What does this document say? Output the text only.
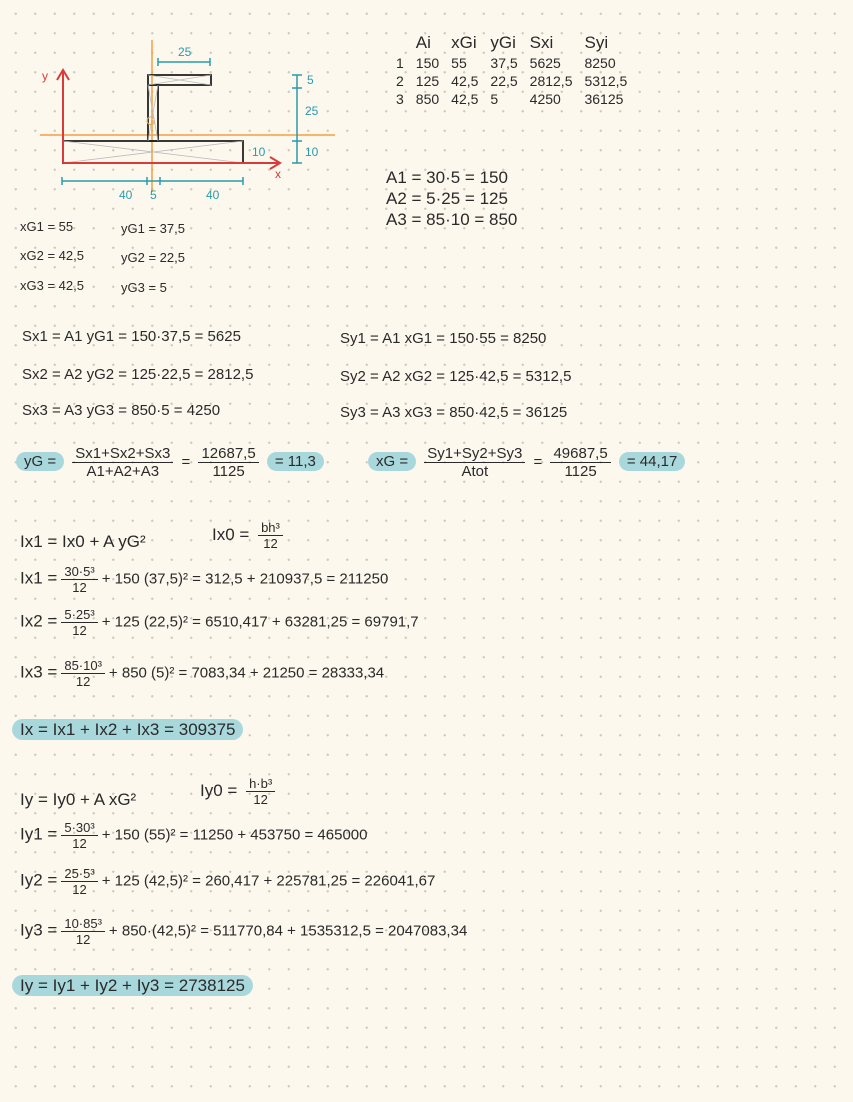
y
x
G
25
5
25
10
10
40 5	40
	Ai	xGi	yGi	Sxi	Syi
1	150	55	37,5	5625	8250
2	125	42,5	22,5	2812,5	5312,5
3	850	42,5	5	4250	36125
A1 = 30·5 = 150
A2 = 5·25 = 125
A3 = 85·10 = 850
xG1 = 55
xG2 = 42,5
xG3 = 42,5
yG1 = 37,5
yG2 = 22,5
yG3 = 5
Sx1 = A1 yG1 = 150·37,5 = 5625
Sx2 = A2 yG2 = 125·22,5 = 2812,5
Sx3 = A3 yG3 = 850·5 = 4250
Sy1 = A1 xG1 = 150·55 = 8250
Sy2 = A2 xG2 = 125·42,5 = 5312,5
Sy3 = A3 xG3 = 850·42,5 = 36125
yG = $\frac{Sx1+Sx2+Sx3}{A1+A2+A3} = \frac{12687,5}{1125} = 11,3$	xG = $\frac{Sy1+Sy2+Sy3}{\text{Atot}} = \frac{49687,5}{1125} = 44,17$
Ix1 = Ix0 + A yG²	$Ix0 = \frac{\text{bh³}}{12}$
$Ix1 = \frac{\text{30·5³}}{12} + 150$ (37,5)² = 312,5 + 210937,5 = 211250
$Ix2 = \frac{\text{5·25³}}{12} + 125$ (22,5)² = 6510,417 + 63281,25 = 69791,7
$Ix3 = \frac{\text{85·10³}}{12} + 850$ (5)² = 7083,34 + 21250 = 28333,34
Ix = Ix1 + Ix2 + Ix3 = 309375
Iy = Iy0 + A xG²	$Iy0 = \frac{\text{h·b³}}{12}$
$Iy1 = \frac{\text{5·30³}}{12} + 150$ (55)² = 11250 + 453750 = 465000
$Iy2 = \frac{\text{25·5³}}{12} + 125$ (42,5)² = 260,417 + 225781,25 = 226041,67
$Iy3 = \frac{\text{10·85³}}{12} + 850\cdot(42,5)^2 = 511770,84 + 1535312,5 = 2047083,34$
Iy = Iy1 + Iy2 + Iy3 = 2738125
